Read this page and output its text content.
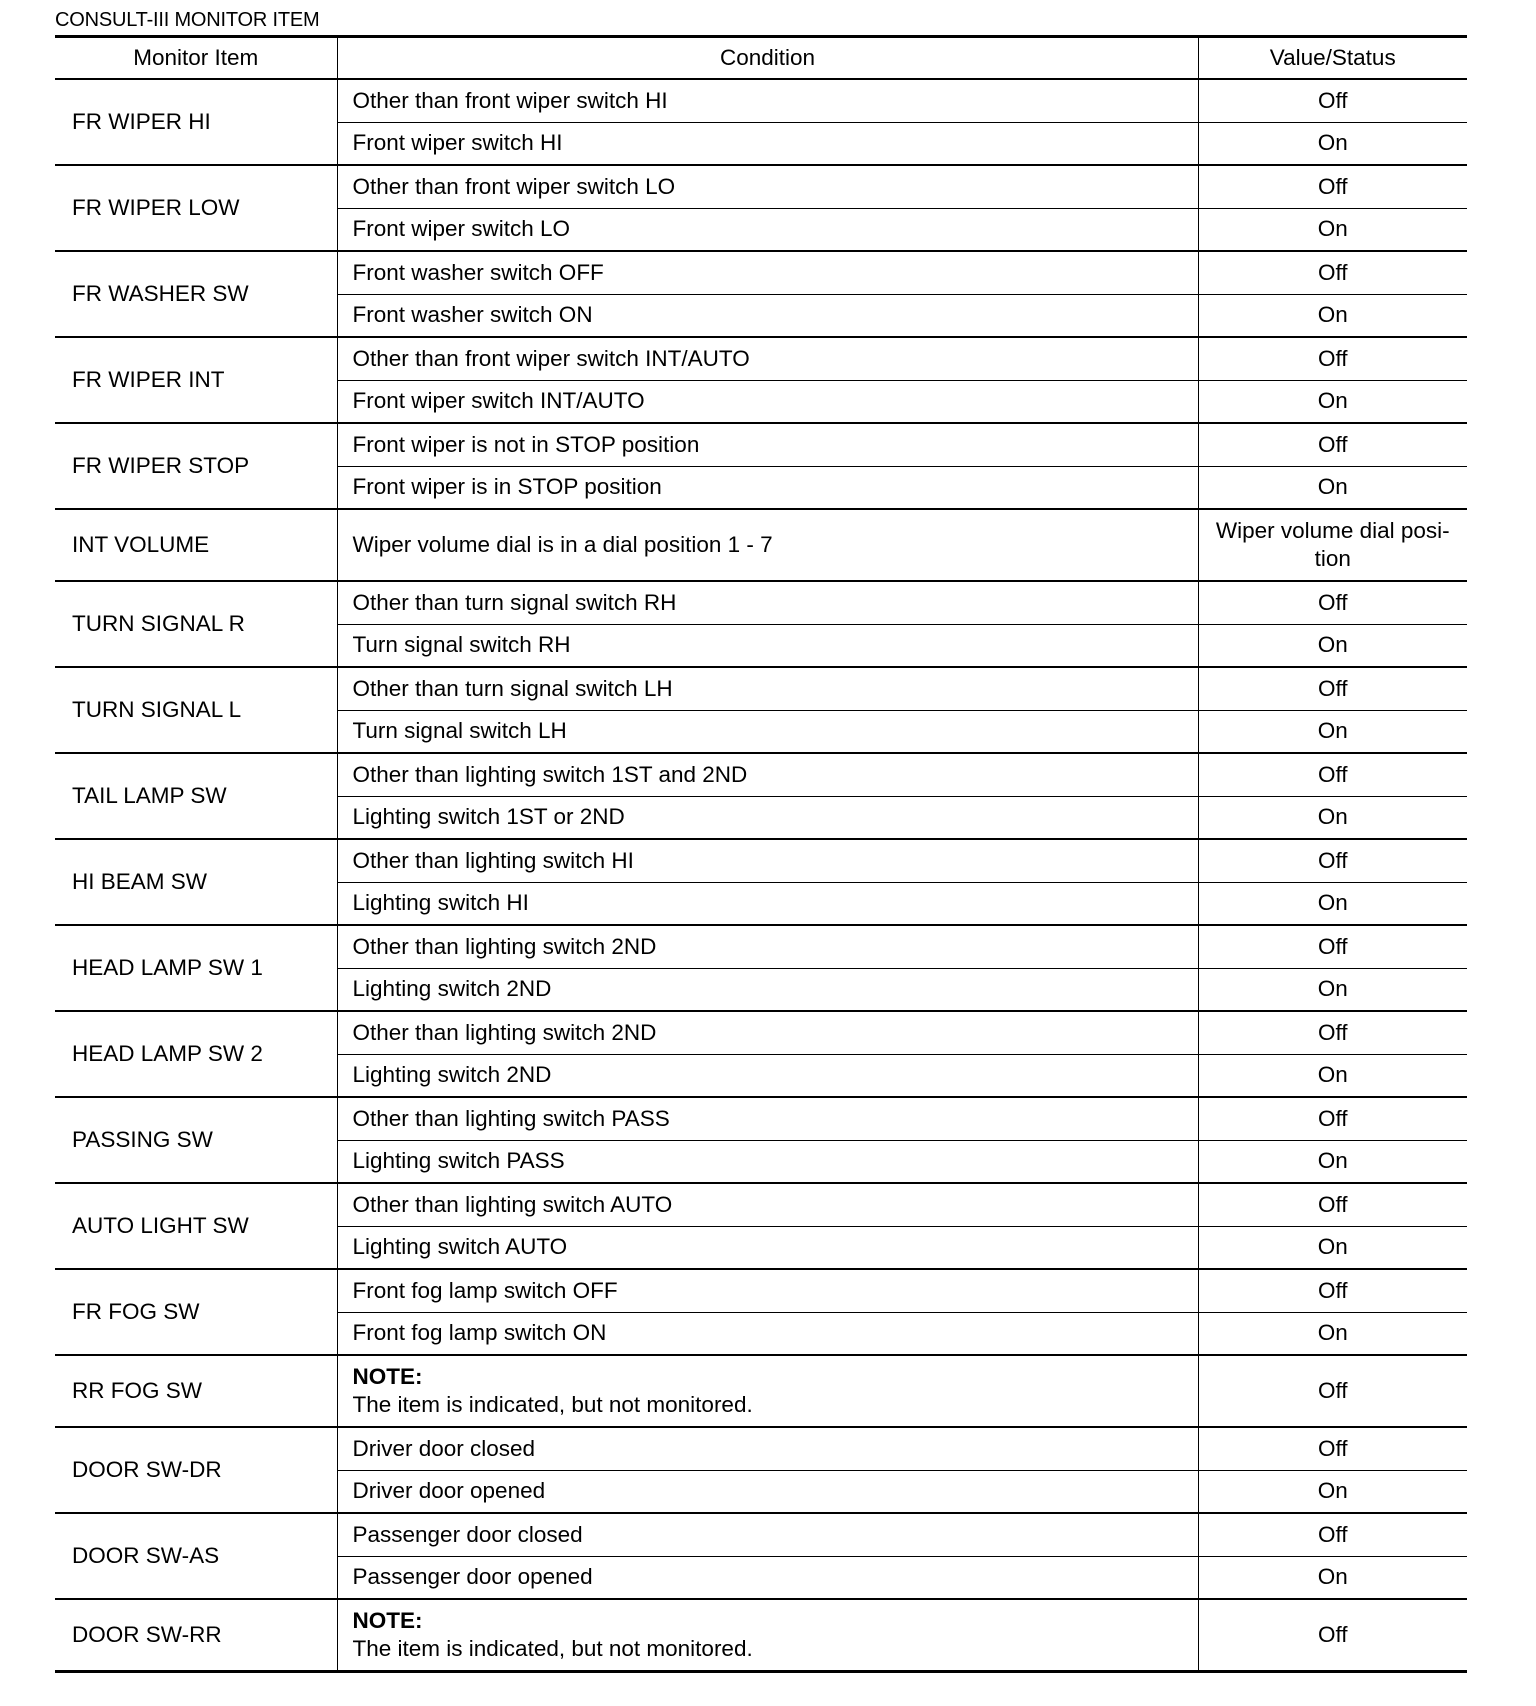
CONSULT-III MONITOR ITEM
Monitor Item	Condition	Value/Status
FR WIPER HI	Other than front wiper switch HI	Off
	Front wiper switch HI	On
FR WIPER LOW	Other than front wiper switch LO	Off
	Front wiper switch LO	On
FR WASHER SW	Front washer switch OFF	Off
	Front washer switch ON	On
FR WIPER INT	Other than front wiper switch INT/AUTO	Off
	Front wiper switch INT/AUTO	On
FR WIPER STOP	Front wiper is not in STOP position	Off
	Front wiper is in STOP position	On
INT VOLUME	Wiper volume dial is in a dial position 1 - 7	Wiper volume dial posi-
tion
TURN SIGNAL R	Other than turn signal switch RH	Off
	Turn signal switch RH	On
TURN SIGNAL L	Other than turn signal switch LH	Off
	Turn signal switch LH	On
TAIL LAMP SW	Other than lighting switch 1ST and 2ND	Off
	Lighting switch 1ST or 2ND	On
HI BEAM SW	Other than lighting switch HI	Off
	Lighting switch HI	On
HEAD LAMP SW 1	Other than lighting switch 2ND	Off
	Lighting switch 2ND	On
HEAD LAMP SW 2	Other than lighting switch 2ND	Off
	Lighting switch 2ND	On
PASSING SW	Other than lighting switch PASS	Off
	Lighting switch PASS	On
AUTO LIGHT SW	Other than lighting switch AUTO	Off
	Lighting switch AUTO	On
FR FOG SW	Front fog lamp switch OFF	Off
	Front fog lamp switch ON	On
RR FOG SW	NOTE:
The item is indicated, but not monitored.	Off
DOOR SW-DR	Driver door closed	Off
	Driver door opened	On
DOOR SW-AS	Passenger door closed	Off
	Passenger door opened	On
DOOR SW-RR	NOTE:
The item is indicated, but not monitored.	Off
